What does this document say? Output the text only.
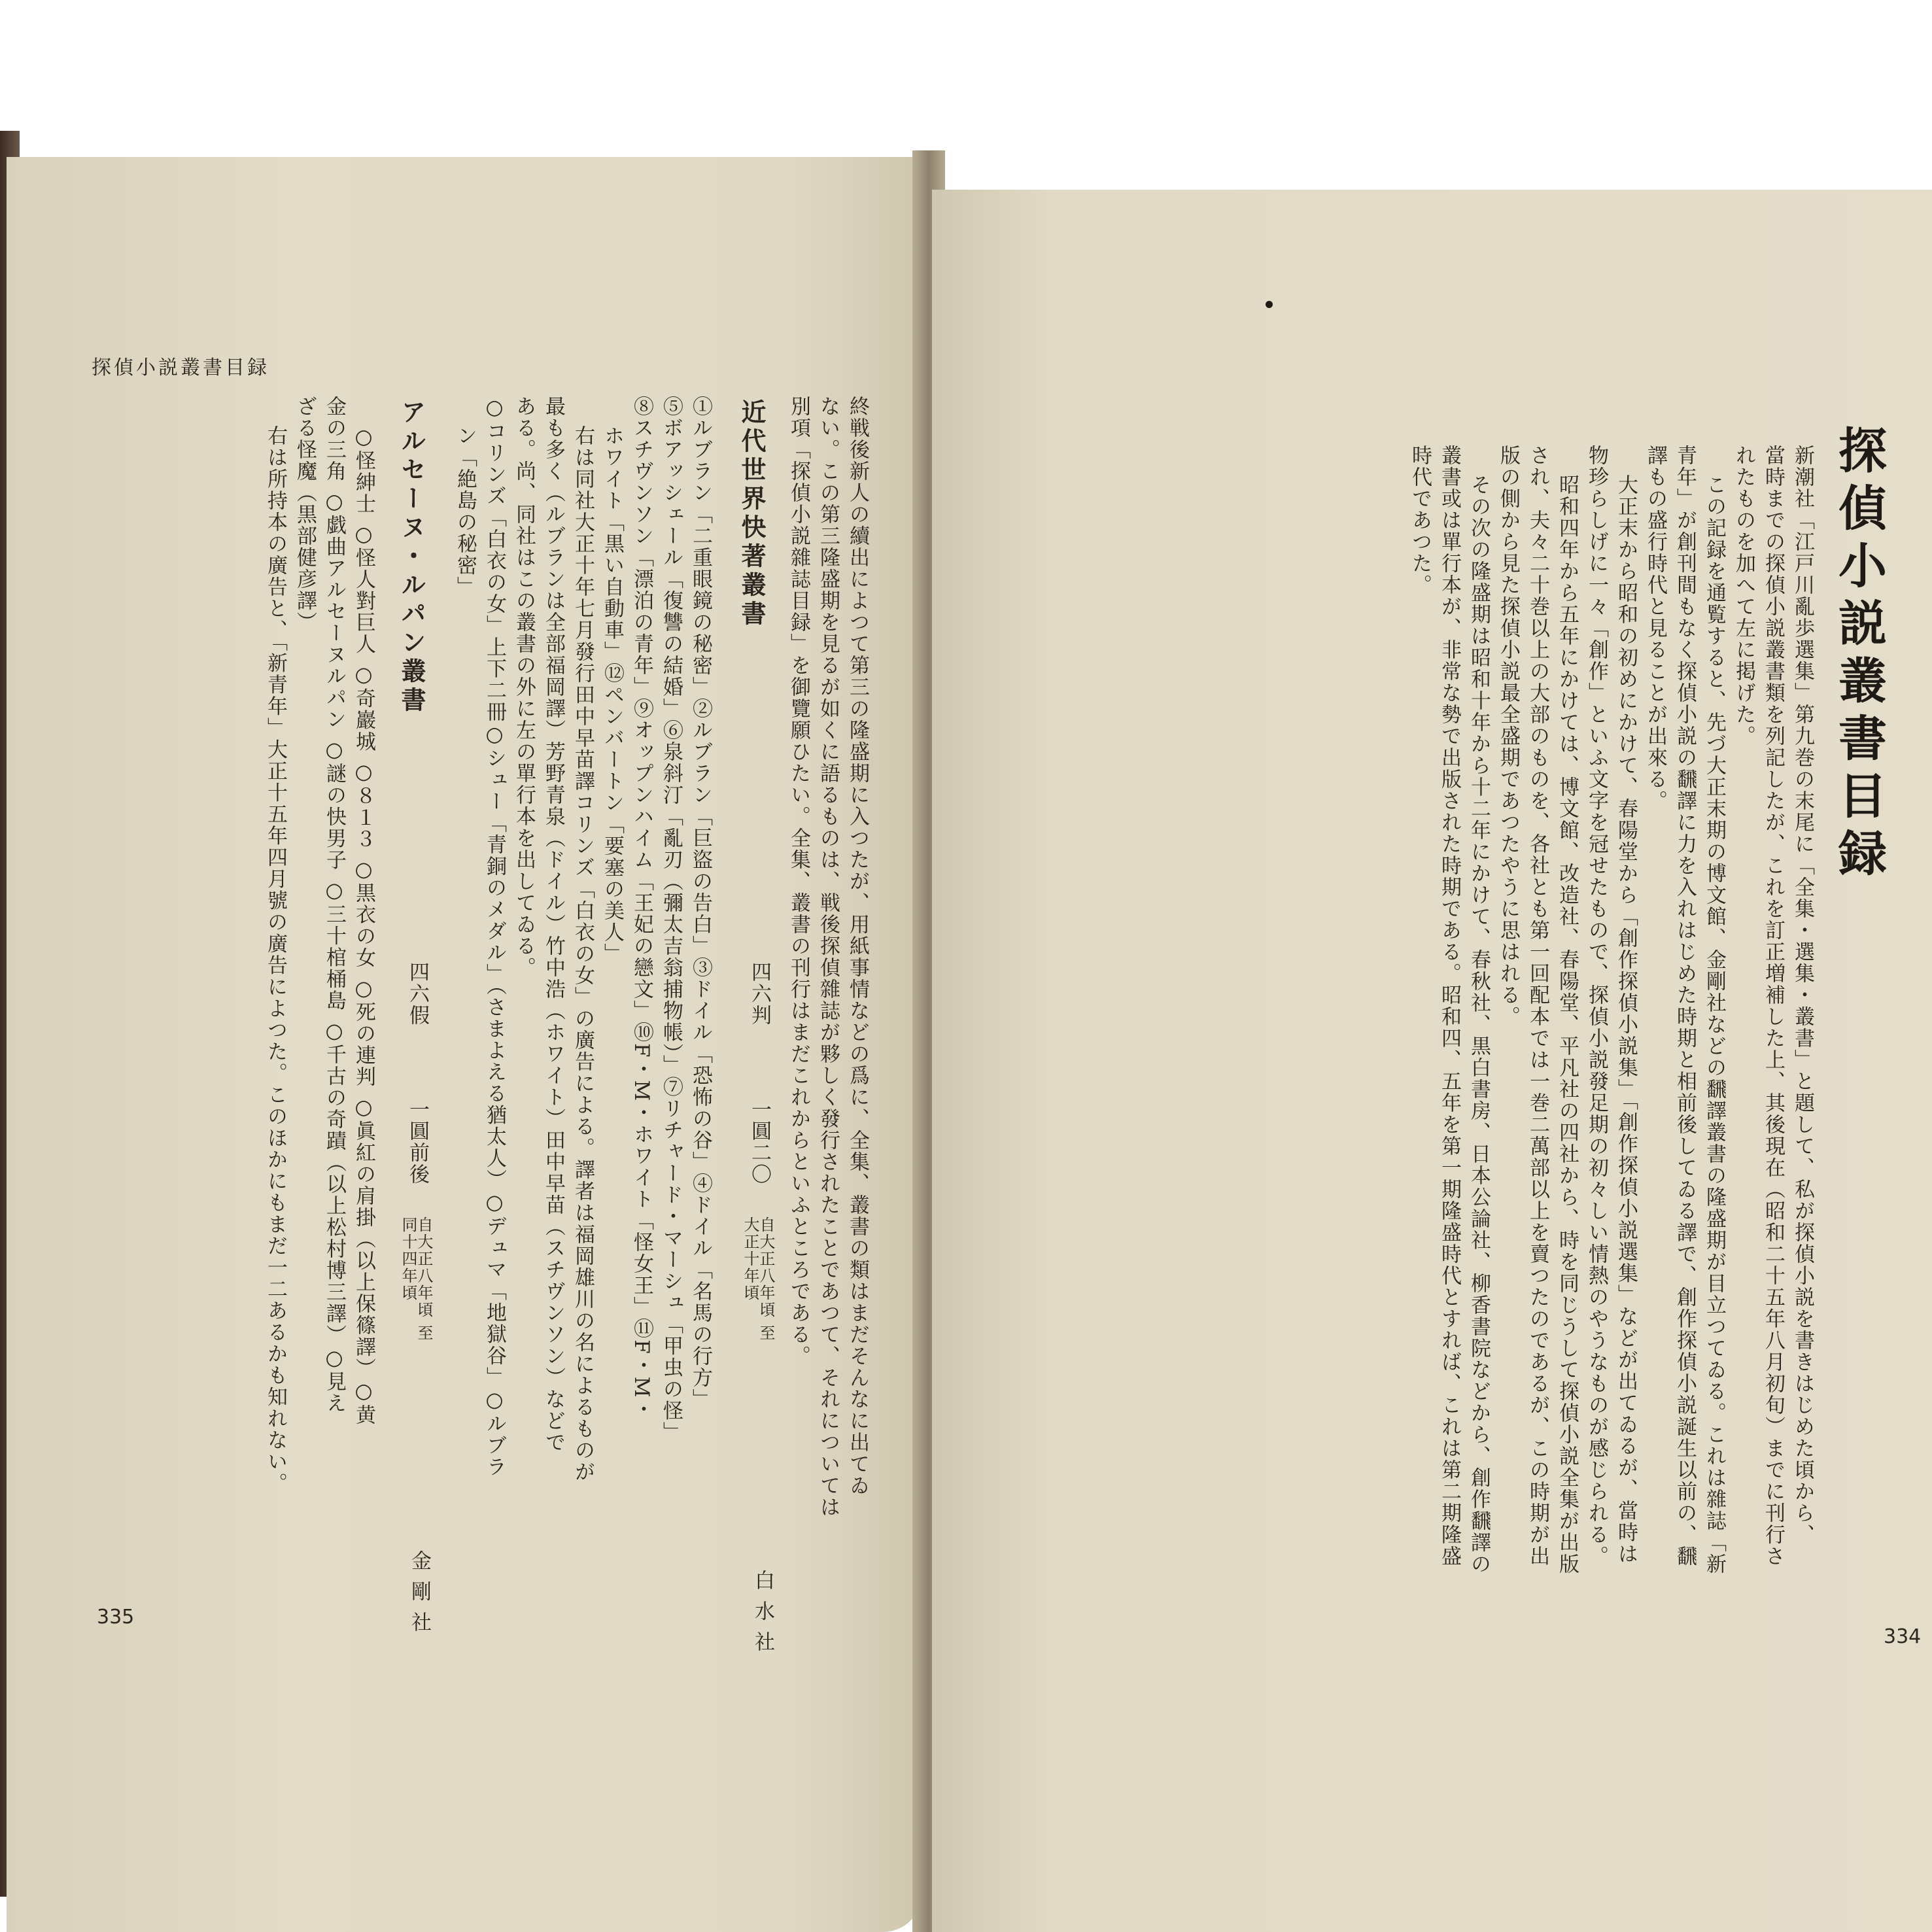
探偵小説叢書目録
終戦後新人の續出によつて第三の隆盛期に入つたが、用紙事情などの爲に、全集、叢書の類はまだそんなに出てゐ
ない。この第三隆盛期を見るが如くに語るものは、戦後探偵雜誌が夥しく發行されたことであつて、それについては
別項「探偵小説雜誌目録」を御覽願ひたい。全集、叢書の刊行はまだこれからといふところである。
近代世界快著叢書
四六判
一圓二〇
自大正八年頃 至大正十年頃
白水社
①ルブラン「二重眼鏡の秘密」②ルブラン「巨盜の告白」③ドイル「恐怖の谷」④ドイル「名馬の行方」
⑤ボアッシェール「復讐の結婚」⑥泉斜汀「亂刃（彌太吉翁捕物帳）」⑦リチャード・マーシュ「甲虫の怪」
⑧スチヴンソン「漂泊の青年」⑨オップンハイム「王妃の戀文」⑩F・M・ホワイト「怪女王」⑪F・M・
ホワイト「黒い自動車」⑫ペンバートン「要塞の美人」
右は同社大正十年七月發行田中早苗譯コリンズ「白衣の女」の廣告による。譯者は福岡雄川の名によるものが
最も多く（ルブランは全部福岡譯）芳野青泉（ドイル）竹中浩（ホワイト）田中早苗（スチヴンソン）などで
ある。尚、同社はこの叢書の外に左の單行本を出してゐる。
○コリンズ「白衣の女」上下二冊○シュー「青銅のメダル」（さまよえる猶太人）○デュマ「地獄谷」○ルブラ
ン「絶島の秘密」
アルセーヌ・ルパン叢書
四六假
一圓前後
自大正八年頃 至同十四年頃
金剛社
○怪紳士 ○怪人對巨人 ○奇巖城 ○８１３ ○黒衣の女 ○死の連判 ○眞紅の肩掛（以上保篠譯）○黄
金の三角 ○戯曲アルセーヌルパン ○謎の快男子 ○三十棺桶島 ○千古の奇蹟（以上松村博三譯）○見え
ざる怪魔（黒部健彦譯）
右は所持本の廣告と、「新青年」大正十五年四月號の廣告によつた。このほかにもまだ一二あるかも知れない。
335
探偵小説叢書目録
新潮社「江戸川亂歩選集」第九巻の末尾に「全集・選集・叢書」と題して、私が探偵小説を書きはじめた頃から、
當時までの探偵小説叢書類を列記したが、これを訂正増補した上、其後現在（昭和二十五年八月初旬）までに刊行さ
れたものを加へて左に掲げた。
この記録を通覧すると、先づ大正末期の博文館、金剛社などの飜譯叢書の隆盛期が目立つてゐる。これは雜誌「新
青年」が創刊間もなく探偵小説の飜譯に力を入れはじめた時期と相前後してゐる譯で、創作探偵小説誕生以前の、飜
譯もの盛行時代と見ることが出來る。
大正末から昭和の初めにかけて、春陽堂から「創作探偵小説集」「創作探偵小説選集」などが出てゐるが、當時は
物珍らしげに一々「創作」といふ文字を冠せたもので、探偵小説發足期の初々しい情熱のやうなものが感じられる。
昭和四年から五年にかけては、博文館、改造社、春陽堂、平凡社の四社から、時を同じうして探偵小説全集が出版
され、夫々二十巻以上の大部のものを、各社とも第一回配本では一巻二萬部以上を賣つたのであるが、この時期が出
版の側から見た探偵小説最全盛期であつたやうに思はれる。
その次の隆盛期は昭和十年から十二年にかけて、春秋社、黒白書房、日本公論社、柳香書院などから、創作飜譯の
叢書或は單行本が、非常な勢で出版された時期である。昭和四、五年を第一期隆盛時代とすれば、これは第二期隆盛
時代であつた。
334
